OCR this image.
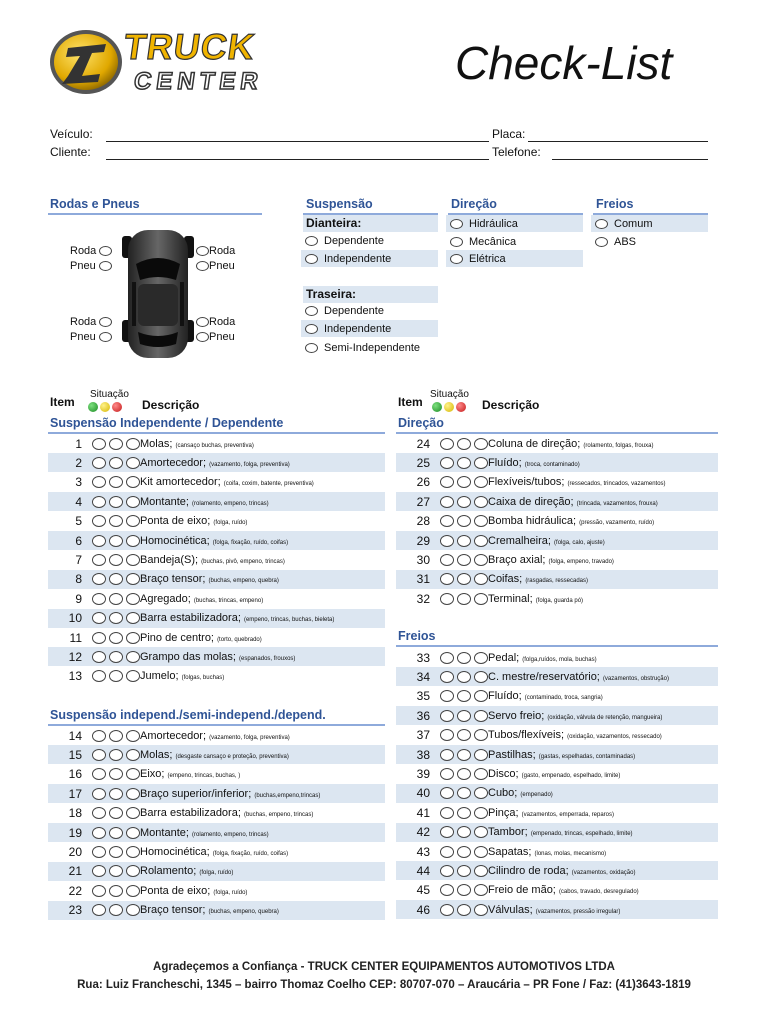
TRUCK
CENTER	Check-List
Veículo:	Placa:
Cliente:	Telefone:
Rodas e Pneus
Roda
Pneu
Roda
Pneu
Roda
Pneu
Roda
Pneu
Suspensão
Dianteira:
Dependente
Independente
Traseira:
Dependente
Independente
Semi-Independente
Direção
Hidráulica
Mecânica
Elétrica
Freios
Comum
ABS
Item
Situação
Descrição	Item
Situação
Descrição
Suspensão Independente / Dependente
Suspensão independ./semi-independ./depend.
Direção
Freios
1	Molas; (cansaço buchas, preventiva)
2	Amortecedor; (vazamento, folga, preventiva)
3	Kit amortecedor; (coifa, coxim, batente, preventiva)
4	Montante; (rolamento, empeno, trincas)
5	Ponta de eixo; (folga, ruído)
6	Homocinética; (folga, fixação, ruído, coifas)
7	Bandeja(S); (buchas, pivô, empeno, trincas)
8	Braço tensor; (buchas, empeno, quebra)
9	Agregado; (buchas, trincas, empeno)
10	Barra estabilizadora; (empeno, trincas, buchas, bieleta)
11	Pino de centro; (torto, quebrado)
12	Grampo das molas; (espanados, frouxos)
13	Jumelo; (folgas, buchas)
14	Amortecedor; (vazamento, folga, preventiva)
15	Molas; (desgaste cansaço e proteção, preventiva)
16	Eixo; (empeno, trincas, buchas, )
17	Braço superior/inferior; (buchas,empeno,trincas)
18	Barra estabilizadora; (buchas, empeno, trincas)
19	Montante; (rolamento, empeno, trincas)
20	Homocinética; (folga, fixação, ruído, coifas)
21	Rolamento; (folga, ruído)
22	Ponta de eixo; (folga, ruído)
23	Braço tensor; (buchas, empeno, quebra)
24	Coluna de direção; (rolamento, folgas, frouxa)
25	Fluído; (troca, contaminado)
26	Flexíveis/tubos; (ressecados, trincados, vazamentos)
27	Caixa de direção; (trincada, vazamentos, frouxa)
28	Bomba hidráulica; (pressão, vazamento, ruído)
29	Cremalheira; (folga, calo, ajuste)
30	Braço axial; (folga, empeno, travado)
31	Coifas; (rasgadas, ressecadas)
32	Terminal; (folga, guarda pó)
33	Pedal; (folga,ruídos, mola, buchas)
34	C. mestre/reservatório; (vazamentos, obstrução)
35	Fluído; (contaminado, troca, sangria)
36	Servo freio; (oxidação, válvula de retenção, mangueira)
37	Tubos/flexíveis; (oxidação, vazamentos, ressecado)
38	Pastilhas; (gastas, espelhadas, contaminadas)
39	Disco; (gasto, empenado, espelhado, limite)
40	Cubo; (empenado)
41	Pinça; (vazamentos, emperrada, reparos)
42	Tambor; (empenado, trincas, espelhado, limite)
43	Sapatas; (lonas, molas, mecanismo)
44	Cilindro de roda; (vazamentos, oxidação)
45	Freio de mão; (cabos, travado, desregulado)
46	Válvulas; (vazamentos, pressão irregular)
Agradeçemos a Confiança - TRUCK CENTER EQUIPAMENTOS AUTOMOTIVOS LTDA
Rua: Luiz Francheschi, 1345 – bairro Thomaz Coelho CEP: 80707-070 – Araucária – PR Fone / Faz: (41)3643-1819
